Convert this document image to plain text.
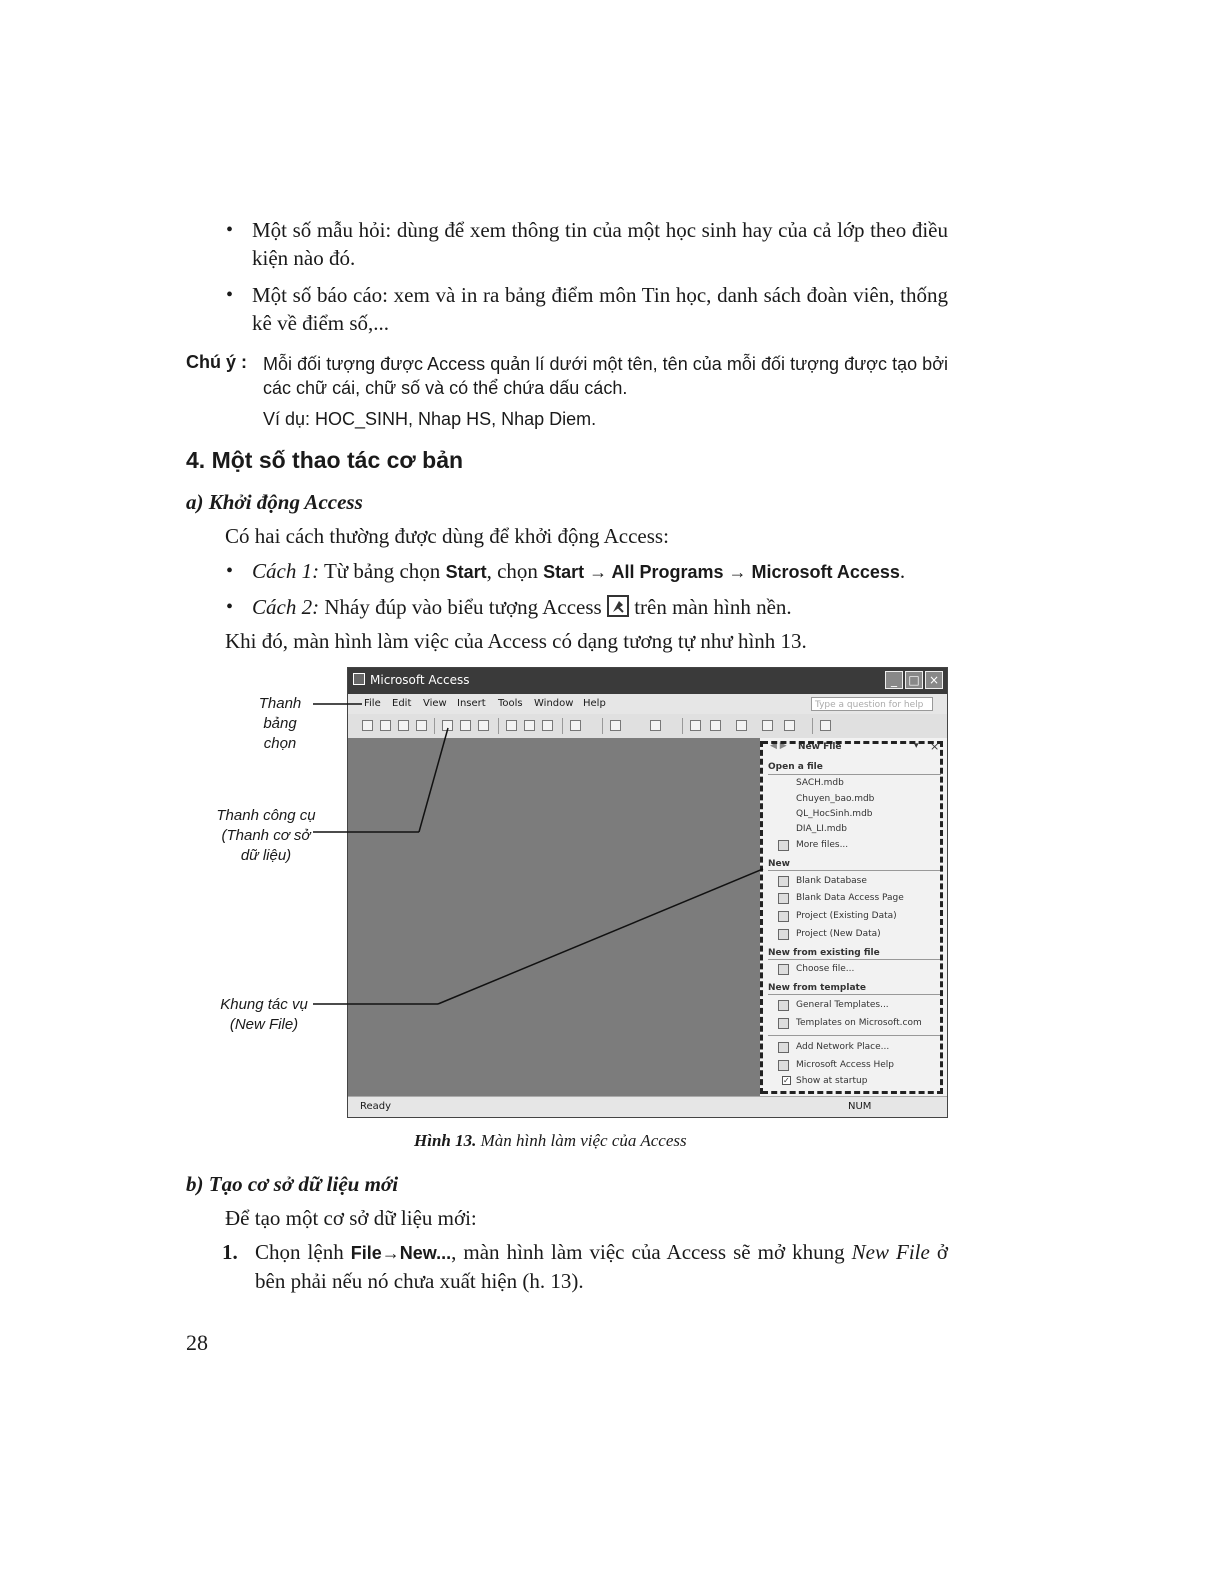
• Một số mẫu hỏi: dùng để xem thông tin của một học sinh hay của cả lớp theo điều kiện nào đó.
• Một số báo cáo: xem và in ra bảng điểm môn Tin học, danh sách đoàn viên, thống kê về điểm số,...
Chú ý : Mỗi đối tượng được Access quản lí dưới một tên, tên của mỗi đối tượng được tạo bởi các chữ cái, chữ số và có thể chứa dấu cách.
Ví dụ: HOC_SINH, Nhap HS, Nhap Diem.
4. Một số thao tác cơ bản
a) Khởi động Access
Có hai cách thường được dùng để khởi động Access:
• Cách 1: Từ bảng chọn Start, chọn Start → All Programs → Microsoft Access.
• Cách 2: Nháy đúp vào biểu tượng Access
trên màn hình nền.
Khi đó, màn hình làm việc của Access có dạng tương tự như hình 13.
Microsoft Access	_ □ ×
File Edit View Insert Tools Window Help	Type a question for help
◀ ▶ New File	▾ ×
Open a file
SACH.mdb
Chuyen_bao.mdb
QL_HocSinh.mdb
DIA_LI.mdb
More files...
New
Blank Database
Blank Data Access Page
Project (Existing Data)
Project (New Data)
New from existing file
Choose file...
New from template
General Templates...
Templates on Microsoft.com
Add Network Place...
Microsoft Access Help
✓ Show at startup
Ready	NUM
Thanh
bảng
chọn
Thanh công cụ
(Thanh cơ sở
dữ liệu)
Khung tác vụ
(New File)
Hình 13. Màn hình làm việc của Access
b) Tạo cơ sở dữ liệu mới
Để tạo một cơ sở dữ liệu mới:
1. Chọn lệnh File→New..., màn hình làm việc của Access sẽ mở khung New File ở bên phải nếu nó chưa xuất hiện (h. 13).
28
